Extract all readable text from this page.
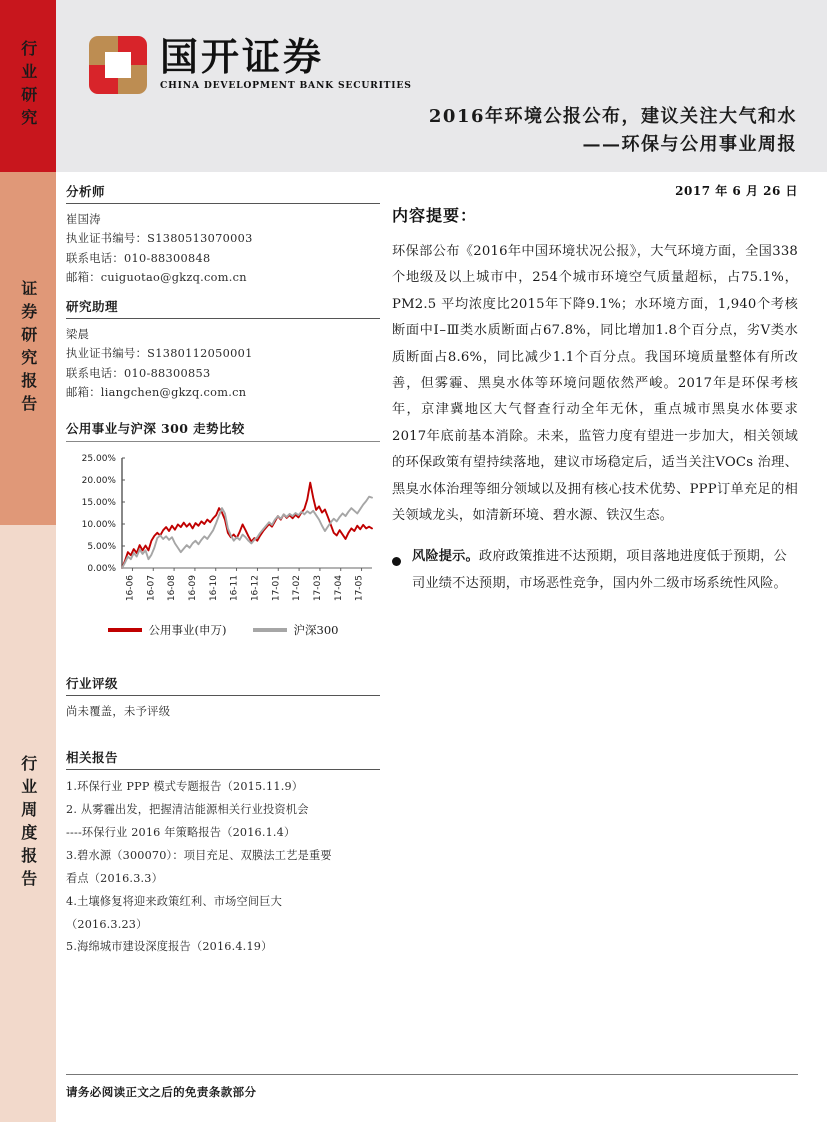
行业研究
证券研究报告
行业周度报告
国开证券
CHINA DEVELOPMENT BANK SECURITIES
2016年环境公报公布，建议关注大气和水
——环保与公用事业周报
分析师
崔国涛
执业证书编号：S1380513070003
联系电话：010-88300848
邮箱：cuiguotao@gkzq.com.cn
研究助理
梁晨
执业证书编号：S1380112050001
联系电话：010-88300853
邮箱：liangchen@gkzq.com.cn
公用事业与沪深 300 走势比较
0.00%
5.00%
10.00%
15.00%
20.00%
25.00%
16-06 16-07 16-08 16-09 16-10 16-11 16-12 17-01 17-02 17-03 17-04 17-05
公用事业(申万)	沪深300
行业评级
尚未覆盖，未予评级
相关报告
1.环保行业 PPP 模式专题报告（2015.11.9）
2. 从雾霾出发，把握清洁能源相关行业投资机会
----环保行业 2016 年策略报告（2016.1.4）
3.碧水源（300070）：项目充足、双膜法工艺是重要
看点（2016.3.3）
4.土壤修复将迎来政策红利、市场空间巨大
（2016.3.23）
5.海绵城市建设深度报告（2016.4.19）
2017 年 6 月 26 日
内容提要：
环保部公布《2016年中国环境状况公报》，大气环境方面，全国338个地级及以上城市中，254个城市环境空气质量超标，占75.1%，PM2.5 平均浓度比2015年下降9.1%；水环境方面，1,940个考核断面中Ⅰ–Ⅲ类水质断面占67.8%，同比增加1.8个百分点，劣V类水质断面占8.6%，同比减少1.1个百分点。我国环境质量整体有所改善，但雾霾、黑臭水体等环境问题依然严峻。2017年是环保考核年，京津冀地区大气督查行动全年无休，重点城市黑臭水体要求2017年底前基本消除。未来，监管力度有望进一步加大，相关领域的环保政策有望持续落地，建议市场稳定后，适当关注VOCs 治理、黑臭水体治理等细分领域以及拥有核心技术优势、PPP订单充足的相关领域龙头，如清新环境、碧水源、铁汉生态。
风险提示。政府政策推进不达预期，项目落地进度低于预期，公司业绩不达预期，市场恶性竞争，国内外二级市场系统性风险。
请务必阅读正文之后的免责条款部分
